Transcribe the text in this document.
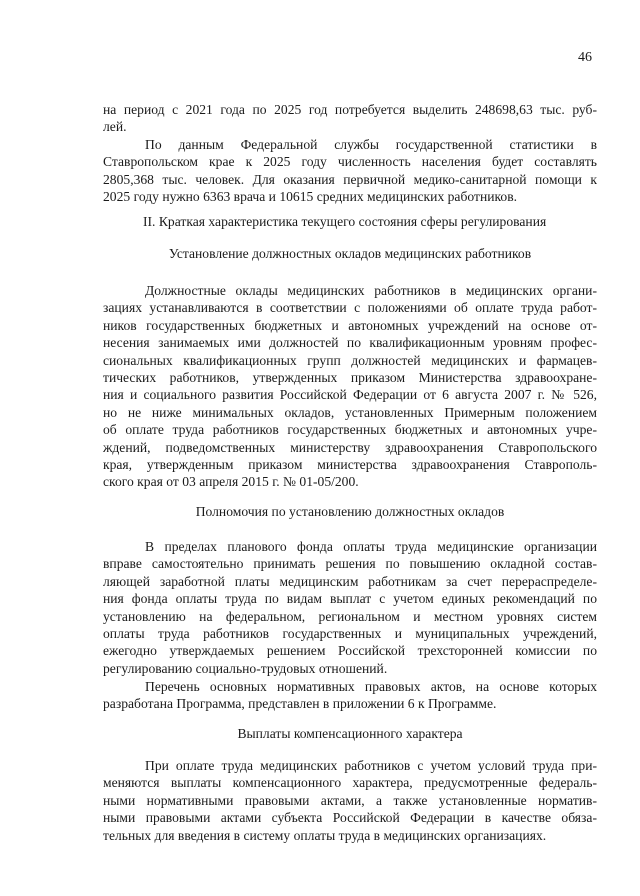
46

на период с 2021 года по 2025 год потребуется выделить 248698,63 тыс. руб-
лей.

По данным Федеральной службы государственной статистики в
Ставропольском крае к 2025 году численность населения будет составлять
2805,368 тыс. человек. Для оказания первичной медико-санитарной помощи к
2025 году нужно 6363 врача и 10615 средних медицинских работников.

II. Краткая характеристика текущего состояния сферы регулирования
Установление должностных окладов медицинских работников

Должностные оклады медицинских работников в медицинских органи-
зациях устанавливаются в соответствии с положениями об оплате труда работ-
ников государственных бюджетных и автономных учреждений на основе от-
несения занимаемых ими должностей по квалификационным уровням профес-
сиональных квалификационных групп должностей медицинских и фармацев-
тических работников, утвержденных приказом Министерства здравоохране-
ния и социального развития Российской Федерации от 6 августа 2007 г. № 526,
но не ниже минимальных окладов, установленных Примерным положением
об оплате труда работников государственных бюджетных и автономных учре-
ждений, подведомственных министерству здравоохранения Ставропольского
края, утвержденным приказом министерства здравоохранения Ставрополь-
ского края от 03 апреля 2015 г. № 01-05/200.

Полномочия по установлению должностных окладов

В пределах планового фонда оплаты труда медицинские организации
вправе самостоятельно принимать решения по повышению окладной состав-
ляющей заработной платы медицинским работникам за счет перераспределе-
ния фонда оплаты труда по видам выплат с учетом единых рекомендаций по
установлению на федеральном, региональном и местном уровнях систем
оплаты труда работников государственных и муниципальных учреждений,
ежегодно утверждаемых решением Российской трехсторонней комиссии по
регулированию социально-трудовых отношений.

Перечень основных нормативных правовых актов, на основе которых
разработана Программа, представлен в приложении 6 к Программе.

Выплаты компенсационного характера

При оплате труда медицинских работников с учетом условий труда при-
меняются выплаты компенсационного характера, предусмотренные федераль-
ными нормативными правовыми актами, а также установленные норматив-
ными правовыми актами субъекта Российской Федерации в качестве обяза-
тельных для введения в систему оплаты труда в медицинских организациях.
